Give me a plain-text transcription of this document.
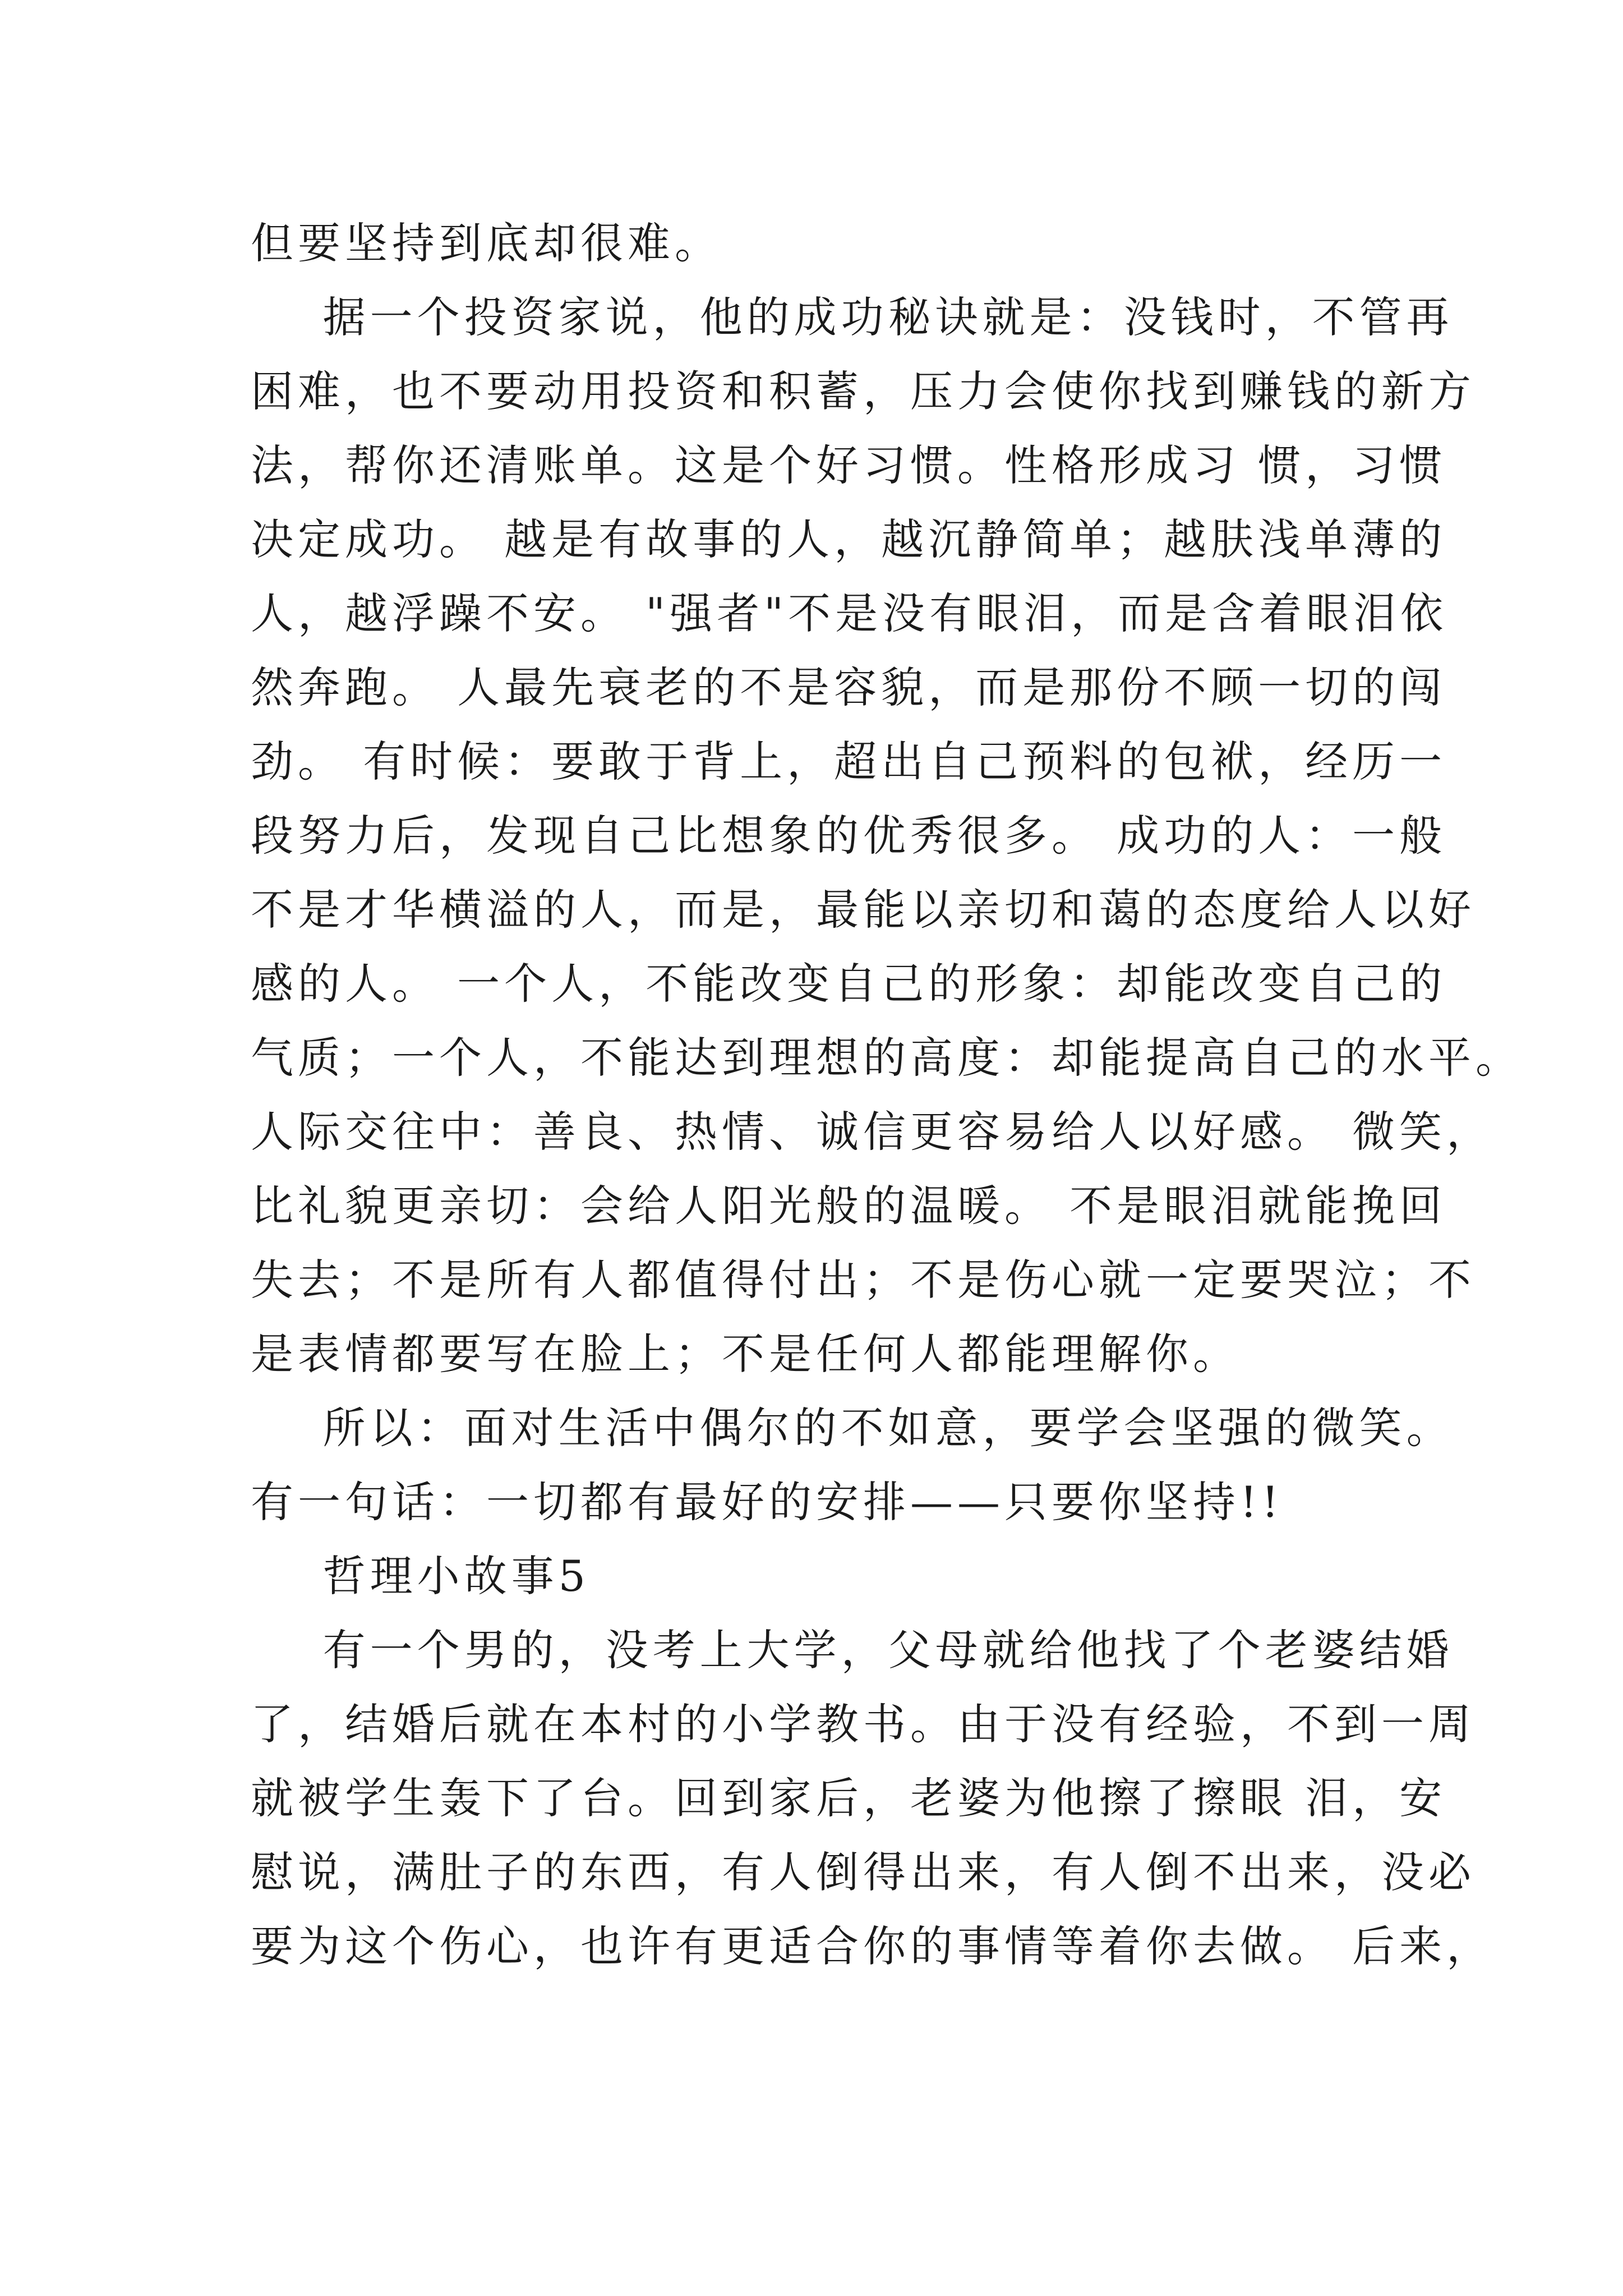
但要坚持到底却很难。
据一个投资家说，他的成功秘诀就是：没钱时，不管再
困难，也不要动用投资和积蓄，压力会使你找到赚钱的新方
法，帮你还清账单。这是个好习惯。性格形成习 惯，习惯
决定成功。 越是有故事的人，越沉静简单；越肤浅单薄的
人，越浮躁不安。 "强者"不是没有眼泪，而是含着眼泪依
然奔跑。 人最先衰老的不是容貌，而是那份不顾一切的闯
劲。 有时候：要敢于背上，超出自己预料的包袱，经历一
段努力后，发现自己比想象的优秀很多。 成功的人：一般
不是才华横溢的人，而是，最能以亲切和蔼的态度给人以好
感的人。 一个人，不能改变自己的形象：却能改变自己的
气质；一个人，不能达到理想的高度：却能提高自己的水平。
人际交往中：善良、热情、诚信更容易给人以好感。 微笑，
比礼貌更亲切：会给人阳光般的温暖。 不是眼泪就能挽回
失去；不是所有人都值得付出；不是伤心就一定要哭泣；不
是表情都要写在脸上；不是任何人都能理解你。
所以：面对生活中偶尔的不如意，要学会坚强的微笑。
有一句话：一切都有最好的安排——只要你坚持!!
哲理小故事5
有一个男的，没考上大学，父母就给他找了个老婆结婚
了，结婚后就在本村的小学教书。由于没有经验，不到一周
就被学生轰下了台。回到家后，老婆为他擦了擦眼 泪，安
慰说，满肚子的东西，有人倒得出来，有人倒不出来，没必
要为这个伤心，也许有更适合你的事情等着你去做。 后来，
